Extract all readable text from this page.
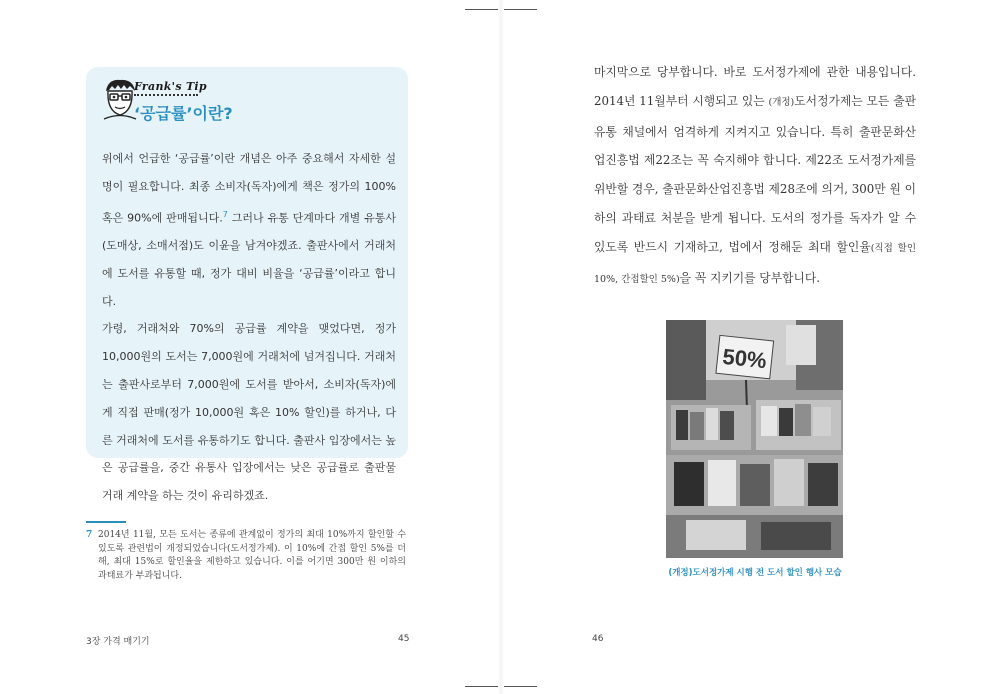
Frank's Tip
‘공급률’이란?

위에서 언급한 ‘공급률’이란 개념은 아주 중요해서 자세한 설명이 필요합니다. 최종 소비자(독자)에게 책은 정가의 100% 혹은 90%에 판매됩니다.$^7$ 그러나 유통 단계마다 개별 유통사(도매상, 소매서점)도 이윤을 남겨야겠죠. 출판사에서 거래처에 도서를 유통할 때, 정가 대비 비율을 ‘공급률’이라고 합니다.

가령, 거래처와 70%의 공급률 계약을 맺었다면, 정가 10,000원의 도서는 7,000원에 거래처에 넘겨집니다. 거래처는 출판사로부터 7,000원에 도서를 받아서, 소비자(독자)에게 직접 판매(정가 10,000원 혹은 10% 할인)를 하거나, 다른 거래처에 도서를 유통하기도 합니다. 출판사 입장에서는 높은 공급률을, 중간 유통사 입장에서는 낮은 공급률로 출판물 거래 계약을 하는 것이 유리하겠죠.

7 2014년 11월, 모든 도서는 종류에 관계없이 정가의 최대 10%까지 할인할 수 있도록 관련법이 개정되었습니다(도서정가제). 이 10%에 간접 할인 5%를 더해, 최대 15%로 할인율을 제한하고 있습니다. 이를 어기면 300만 원 이하의 과태료가 부과됩니다.
3장 가격 매기기	45

마지막으로 당부합니다. 바로 도서정가제에 관한 내용입니다. 2014년 11월부터 시행되고 있는 (개정)도서정가제는 모든 출판 유통 채널에서 엄격하게 지켜지고 있습니다. 특히 출판문화산업진흥법 제22조는 꼭 숙지해야 합니다. 제22조 도서정가제를 위반할 경우, 출판문화산업진흥법 제28조에 의거, 300만 원 이하의 과태료 처분을 받게 됩니다. 도서의 정가를 독자가 알 수 있도록 반드시 기재하고, 법에서 정해둔 최대 할인율(직접 할인 10%, 간접할인 5%)을 꼭 지키기를 당부합니다.

50%
(개정)도서정가제 시행 전 도서 할인 행사 모습
46
